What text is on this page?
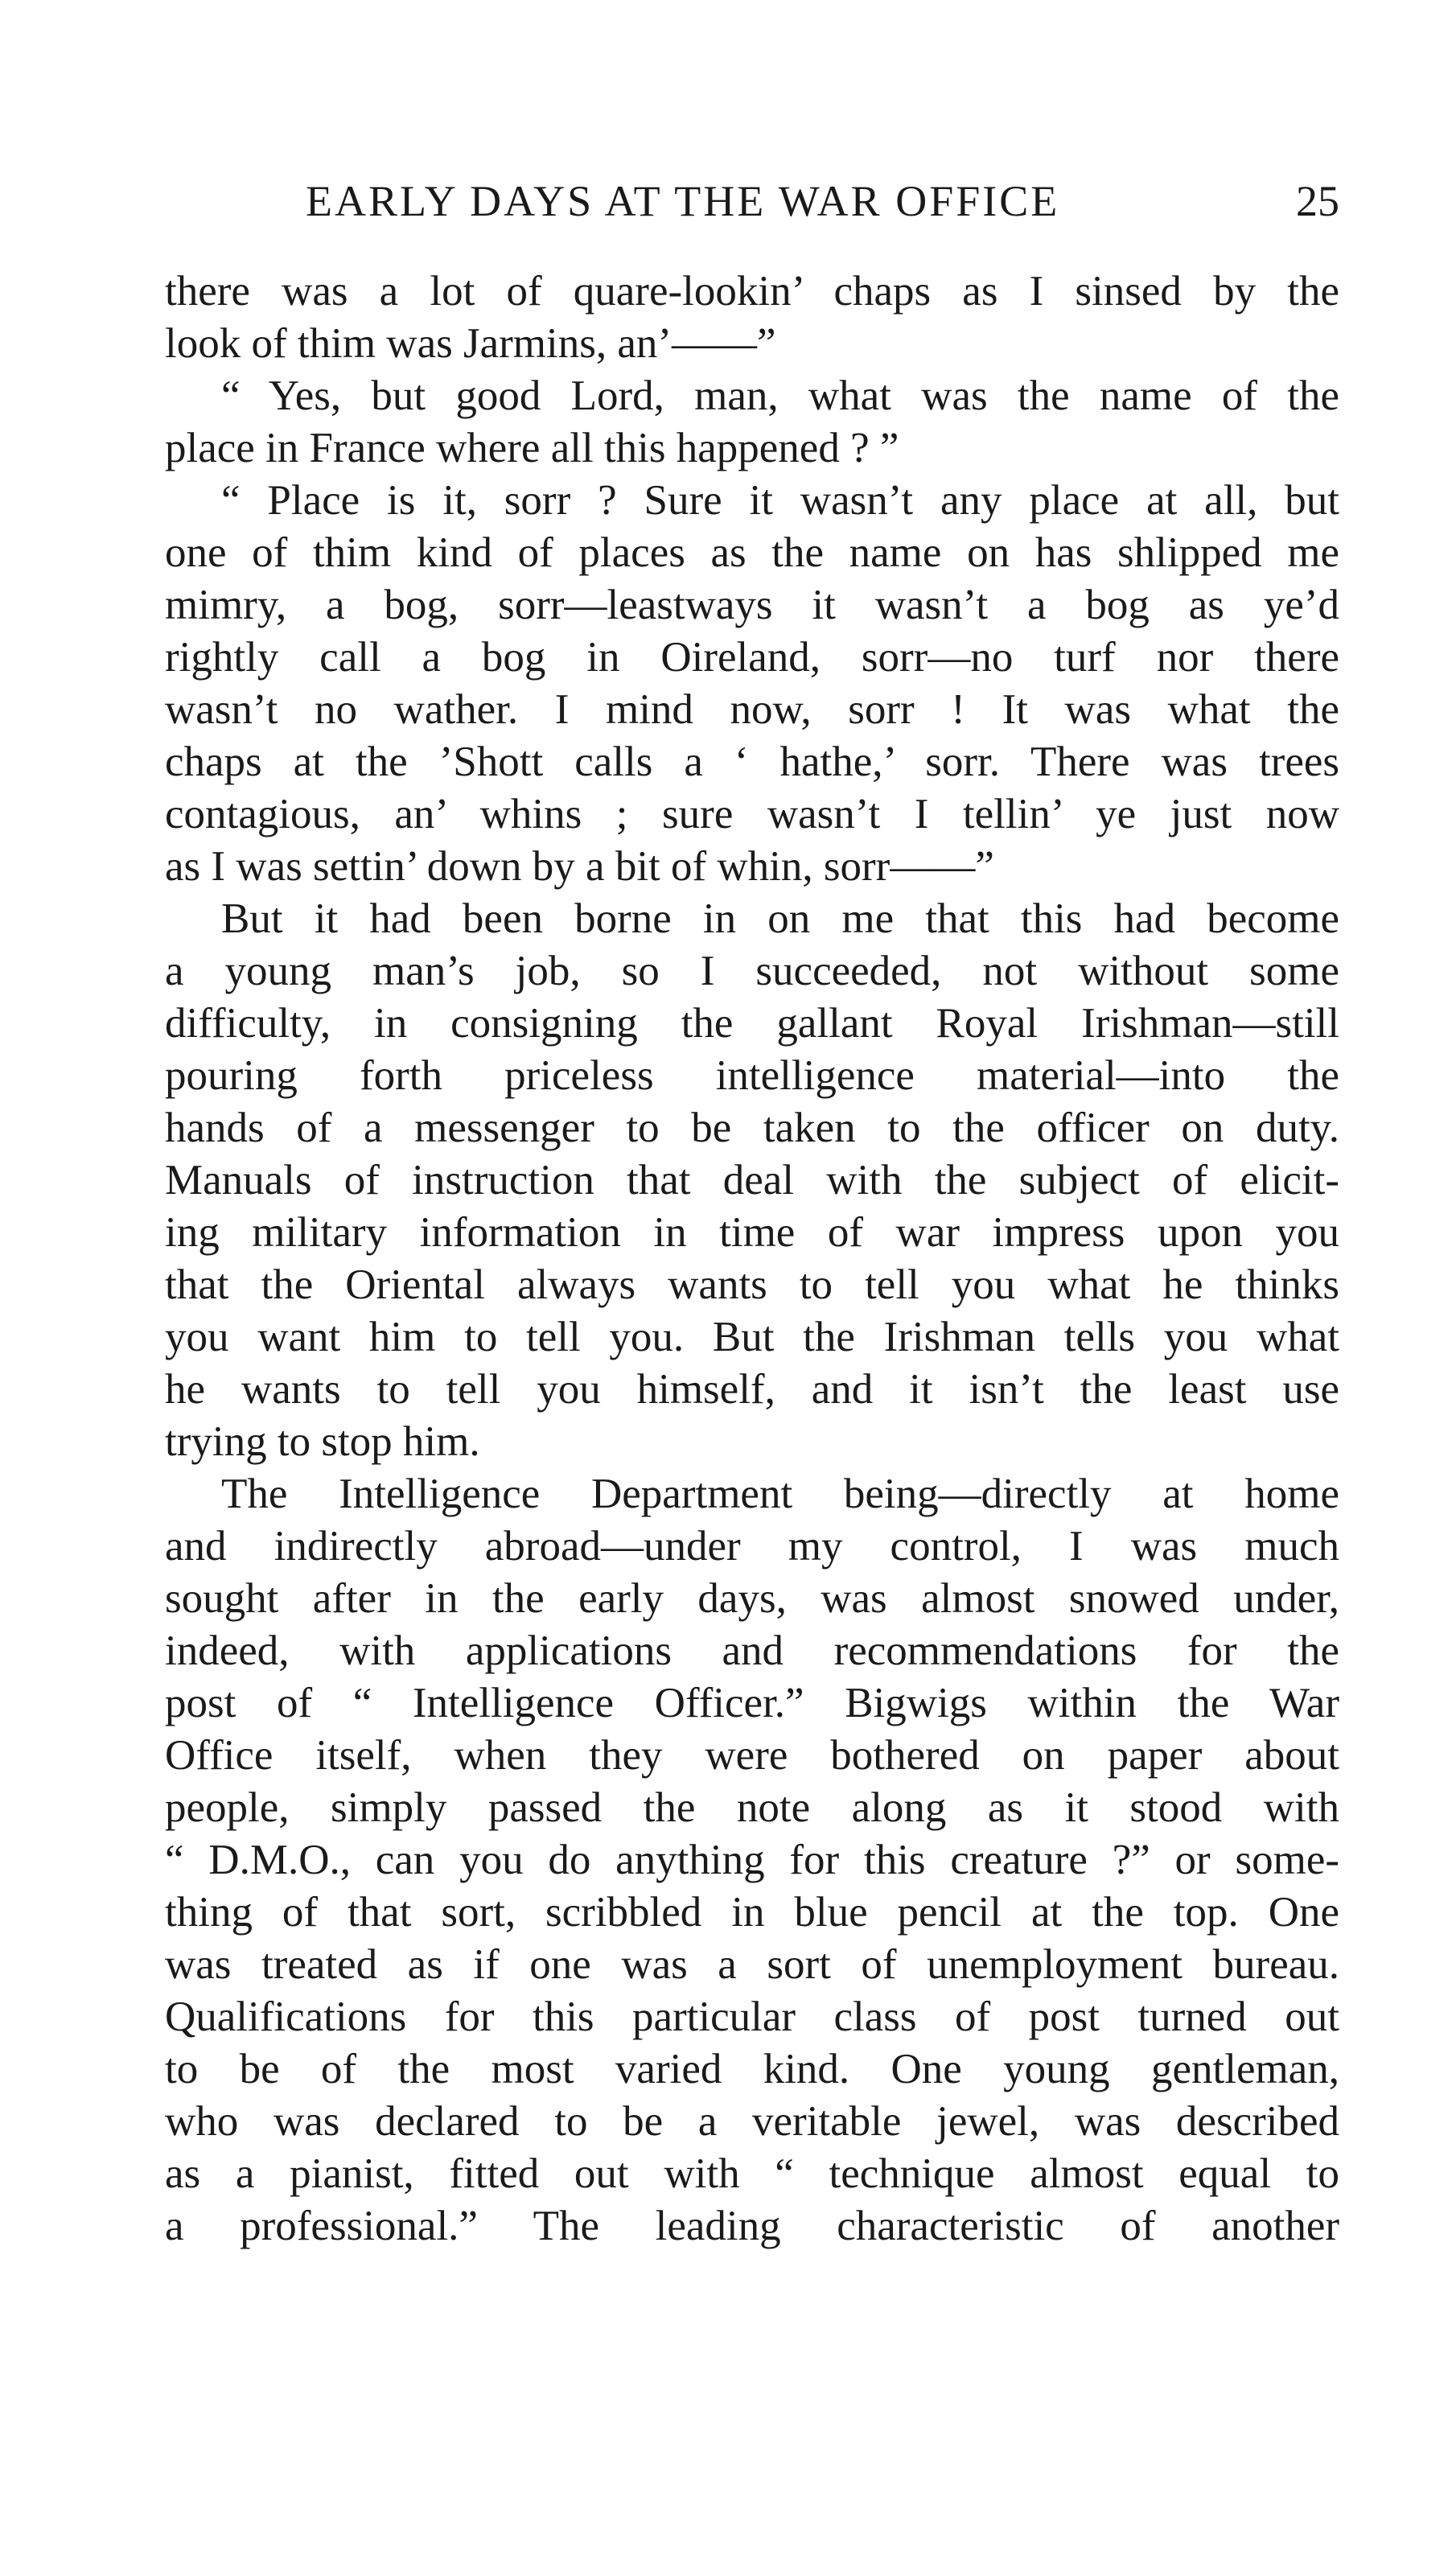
EARLY DAYS AT THE WAR OFFICE	25
there was a lot of quare-lookin’ chaps as I sinsed by the
look of thim was Jarmins, an’——”
“ Yes, but good Lord, man, what was the name of the
place in France where all this happened ? ”
“ Place is it, sorr ? Sure it wasn’t any place at all, but
one of thim kind of places as the name on has shlipped me
mimry, a bog, sorr—leastways it wasn’t a bog as ye’d
rightly call a bog in Oireland, sorr—no turf nor there
wasn’t no wather. I mind now, sorr ! It was what the
chaps at the ’Shott calls a ‘ hathe,’ sorr. There was trees
contagious, an’ whins ; sure wasn’t I tellin’ ye just now
as I was settin’ down by a bit of whin, sorr——”
But it had been borne in on me that this had become
a young man’s job, so I succeeded, not without some
difficulty, in consigning the gallant Royal Irishman—still
pouring forth priceless intelligence material—into the
hands of a messenger to be taken to the officer on duty.
Manuals of instruction that deal with the subject of elicit-
ing military information in time of war impress upon you
that the Oriental always wants to tell you what he thinks
you want him to tell you. But the Irishman tells you what
he wants to tell you himself, and it isn’t the least use
trying to stop him.
The Intelligence Department being—directly at home
and indirectly abroad—under my control, I was much
sought after in the early days, was almost snowed under,
indeed, with applications and recommendations for the
post of “ Intelligence Officer.” Bigwigs within the War
Office itself, when they were bothered on paper about
people, simply passed the note along as it stood with
“ D.M.O., can you do anything for this creature ?” or some-
thing of that sort, scribbled in blue pencil at the top. One
was treated as if one was a sort of unemployment bureau.
Qualifications for this particular class of post turned out
to be of the most varied kind. One young gentleman,
who was declared to be a veritable jewel, was described
as a pianist, fitted out with “ technique almost equal to
a professional.” The leading characteristic of another
